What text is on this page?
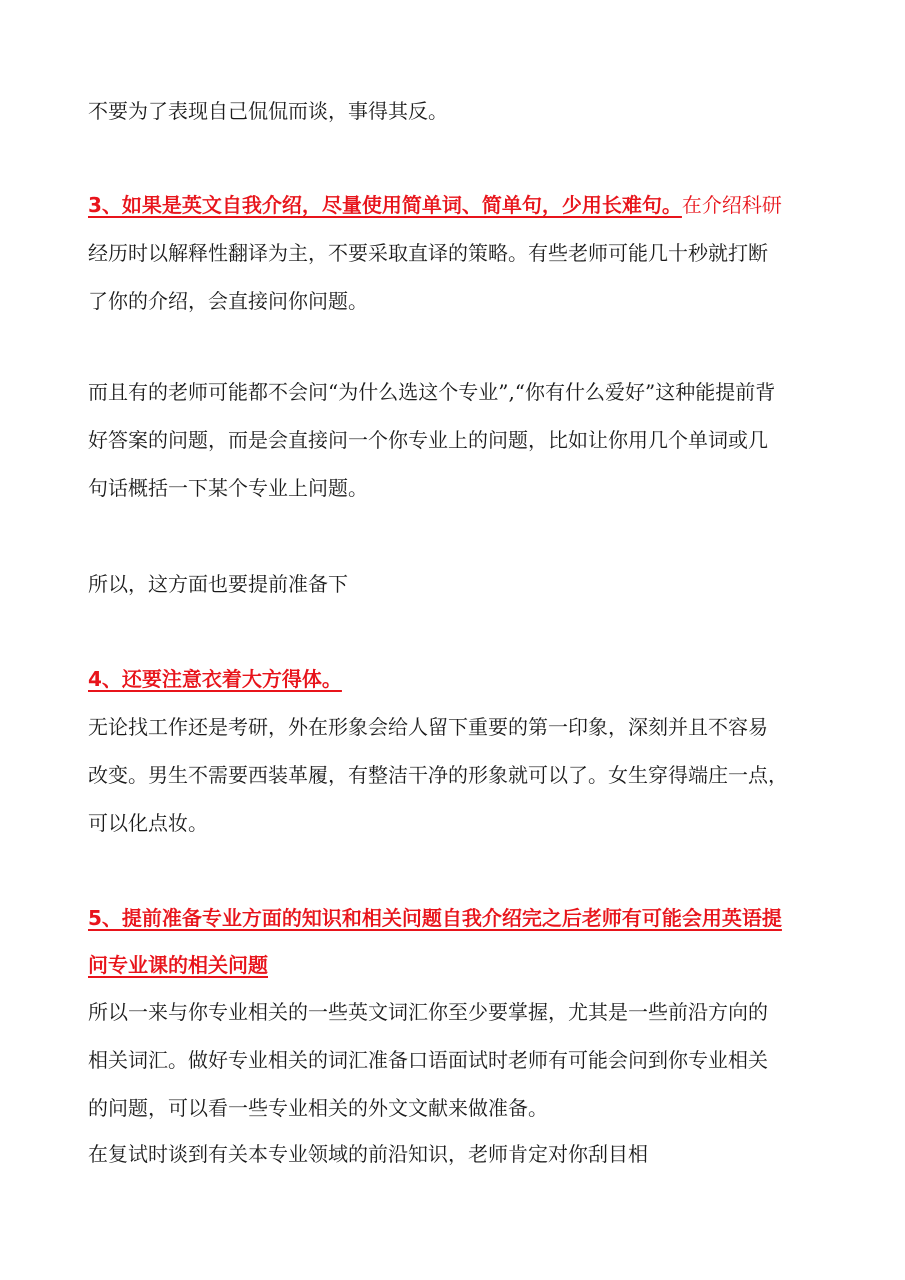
不要为了表现自己侃侃而谈，事得其反。
3、如果是英文自我介绍，尽量使用简单词、简单句，少用长难句。在介绍科研
经历时以解释性翻译为主，不要采取直译的策略。有些老师可能几十秒就打断
了你的介绍，会直接问你问题。
而且有的老师可能都不会问“为什么选这个专业”,“你有什么爱好”这种能提前背
好答案的问题，而是会直接问一个你专业上的问题，比如让你用几个单词或几
句话概括一下某个专业上问题。
所以，这方面也要提前准备下
4、还要注意衣着大方得体。
无论找工作还是考研，外在形象会给人留下重要的第一印象，深刻并且不容易
改变。男生不需要西装革履，有整洁干净的形象就可以了。女生穿得端庄一点，
可以化点妆。
5、提前准备专业方面的知识和相关问题自我介绍完之后老师有可能会用英语提
问专业课的相关问题
所以一来与你专业相关的一些英文词汇你至少要掌握，尤其是一些前沿方向的
相关词汇。做好专业相关的词汇准备口语面试时老师有可能会问到你专业相关
的问题，可以看一些专业相关的外文文献来做准备。
在复试时谈到有关本专业领域的前沿知识，老师肯定对你刮目相
